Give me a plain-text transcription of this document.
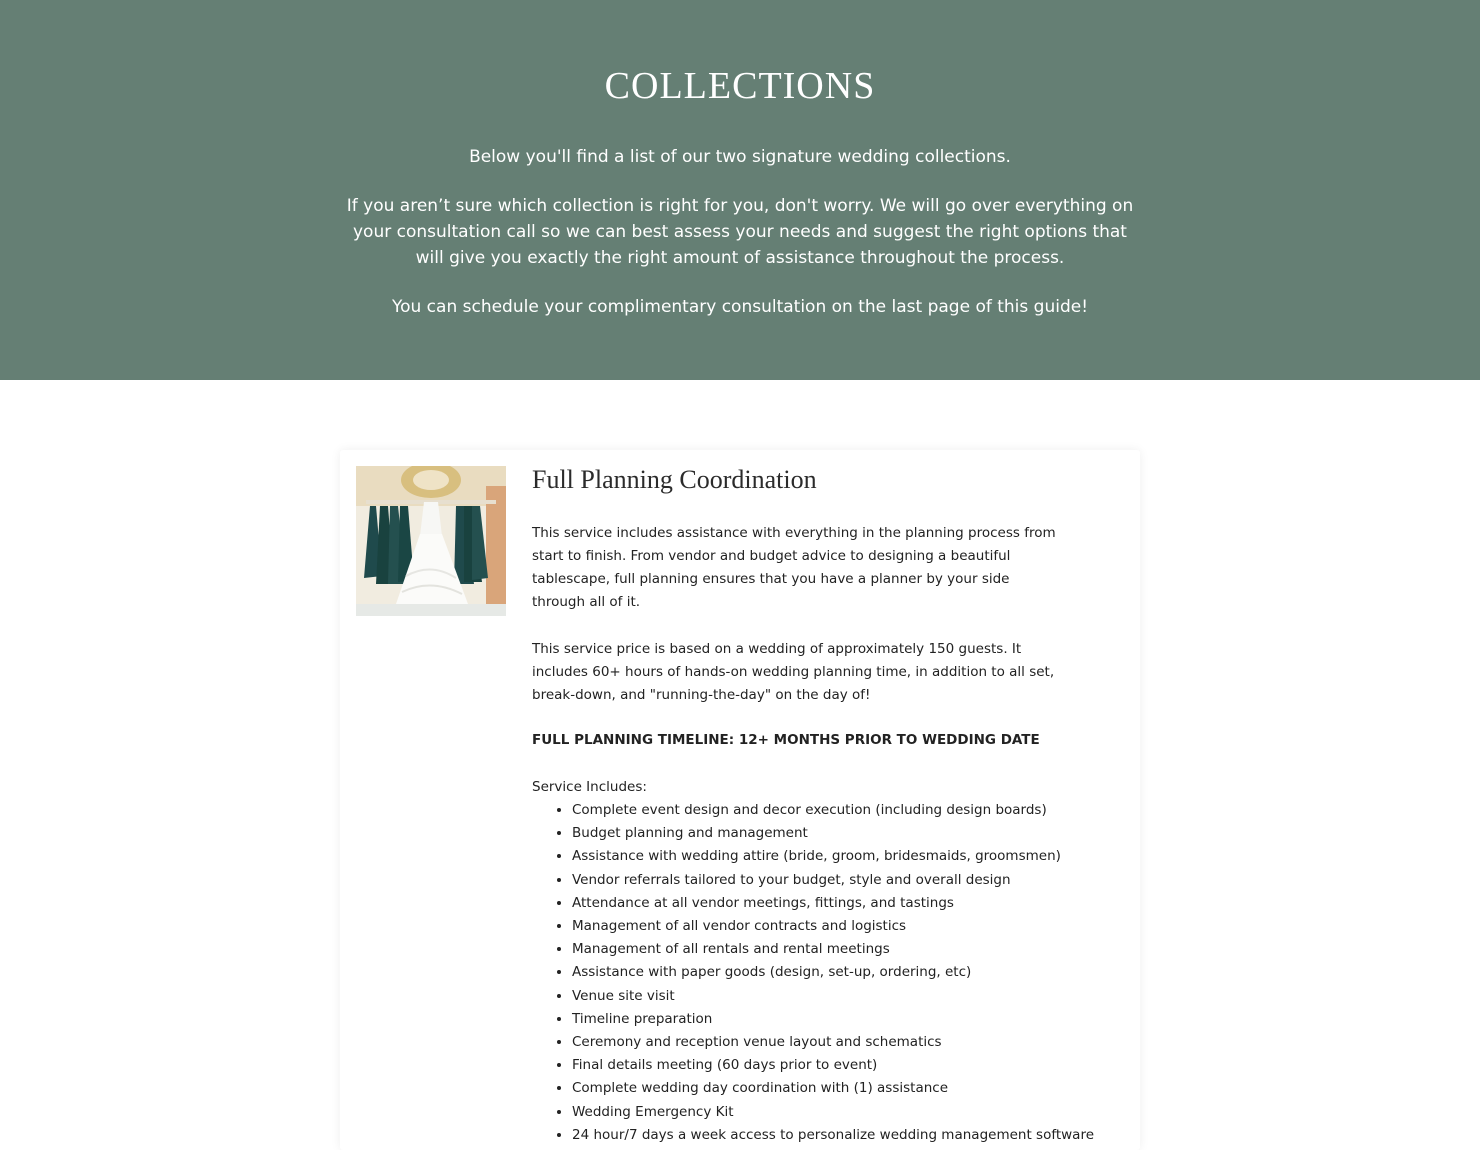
COLLECTIONS

Below you'll find a list of our two signature wedding collections.

If you aren’t sure which collection is right for you, don't worry. We will go over everything on your consultation call so we can best assess your needs and suggest the right options that will give you exactly the right amount of assistance throughout the process.

You can schedule your complimentary consultation on the last page of this guide!

Full Planning Coordination

This service includes assistance with everything in the planning process from start to finish. From vendor and budget advice to designing a beautiful tablescape, full planning ensures that you have a planner by your side through all of it.

This service price is based on a wedding of approximately 150 guests. It includes 60+ hours of hands-on wedding planning time, in addition to all set, break-down, and "running-the-day" on the day of!

FULL PLANNING TIMELINE: 12+ MONTHS PRIOR TO WEDDING DATE

Service Includes:

• Complete event design and decor execution (including design boards)
• Budget planning and management
• Assistance with wedding attire (bride, groom, bridesmaids, groomsmen)
• Vendor referrals tailored to your budget, style and overall design
• Attendance at all vendor meetings, fittings, and tastings
• Management of all vendor contracts and logistics
• Management of all rentals and rental meetings
• Assistance with paper goods (design, set-up, ordering, etc)
• Venue site visit
• Timeline preparation
• Ceremony and reception venue layout and schematics
• Final details meeting (60 days prior to event)
• Complete wedding day coordination with (1) assistance
• Wedding Emergency Kit
• 24 hour/7 days a week access to personalize wedding management software
